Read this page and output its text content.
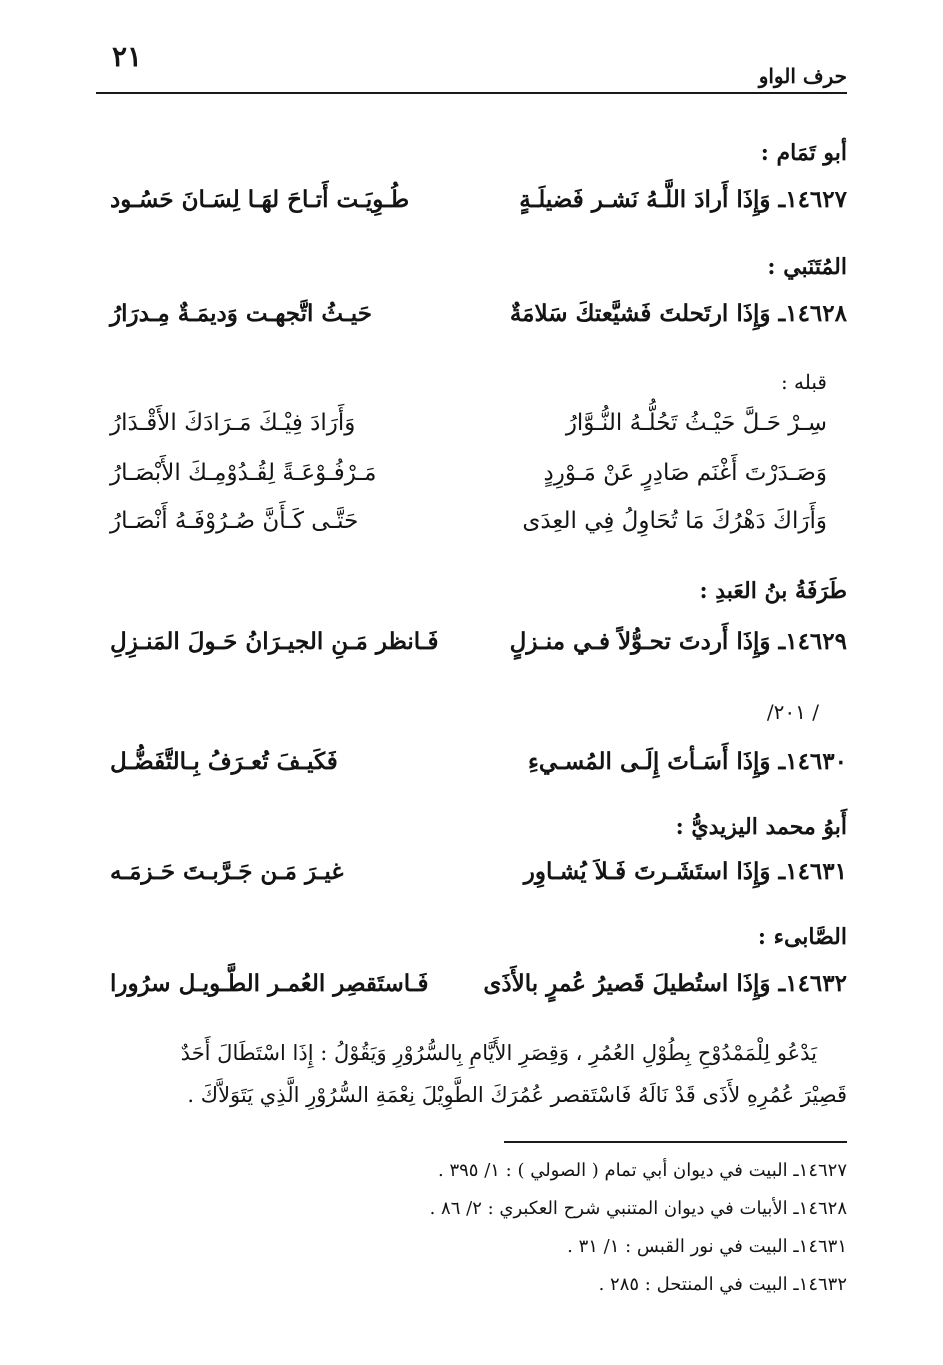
٢١
حرف الواو
أبو تَمَام :
١٤٦٢٧ـ وَإِذَا أَرادَ اللَّـهُ نَشـر فَضيلَـةٍ
طُـوِيَـت أَتـاحَ لهَـا لِسَـانَ حَسُـود
المُتَنَبي :
١٤٦٢٨ـ وَإِذَا ارتَحلتَ فَشيَّعتكَ سَلامَةٌ
حَيـثُ اتَّجهـت وَديمَـةٌ مِـدرَارُ
قبله :
سِـرْ حَـلَّ حَيْـثُ تَحُلُّـهُ النُّـوَّارُ
وَأَرَادَ فِيْـكَ مَـرَادَكَ الأَقْـدَارُ
وَصَـدَرْتَ أَغْنَم صَادِرٍ عَنْ مَـوْرِدٍ
مَـرْفُـوْعَـةً لِقُـدُوْمِـكَ الأَبْصَـارُ
وَأَرَاكَ دَهْرُكَ مَا تُحَاوِلُ فِي العِدَى
حَتَّـى كَـأَنَّ صُـرُوْفَـهُ أَنْصَـارُ
طَرَفَةُ بنُ العَبدِ :
١٤٦٢٩ـ وَإِذَا أَردتَ تحـوُّلاً فـي منـزلٍ
فَـانظر مَـنِ الجيـرَانُ حَـولَ المَنـزِلِ
/ ٢٠١/
١٤٦٣٠ـ وَإِذَا أَسَـأتَ إِلَـى المُسـيءِ
فَكَيـفَ تُعـرَفُ بِـالتَّفَضُّـل
أَبوُ محمد اليزيديُّ :
١٤٦٣١ـ وَإِذَا استَشَـرتَ فَـلاَ يُشـاوِر
غيـرَ مَـن جَـرَّبـتَ حَـزمَـه
الصَّابىء :
١٤٦٣٢ـ وَإِذَا استُطيلَ قَصيرُ عُمرٍ بالأَذَى
فَـاستَقصِر العُمـر الطَّـويـل سرُورا
يَدْعُو لِلْمَمْدُوْحِ بِطُوْلِ العُمُرِ ، وَقِصَرِ الأَيَّامِ بِالسُّرُوْرِ وَيَقُوْلُ : إِذَا اسْتَطَالَ أَحَدٌ
قَصِيْرَ عُمُرِهِ لأَذَى قَدْ نَالَهُ فَاسْتَقصر عُمُرَكَ الطَّوِيْلَ نِعْمَةِ السُّرُوْرِ الَّذِي يَتَوَلاَّكَ .
١٤٦٢٧ـ البيت في ديوان أبي تمام ( الصولي ) : ١/ ٣٩٥ .
١٤٦٢٨ـ الأبيات في ديوان المتنبي شرح العكبري : ٢/ ٨٦ .
١٤٦٣١ـ البيت في نور القبس : ١/ ٣١ .
١٤٦٣٢ـ البيت في المنتحل : ٢٨٥ .
